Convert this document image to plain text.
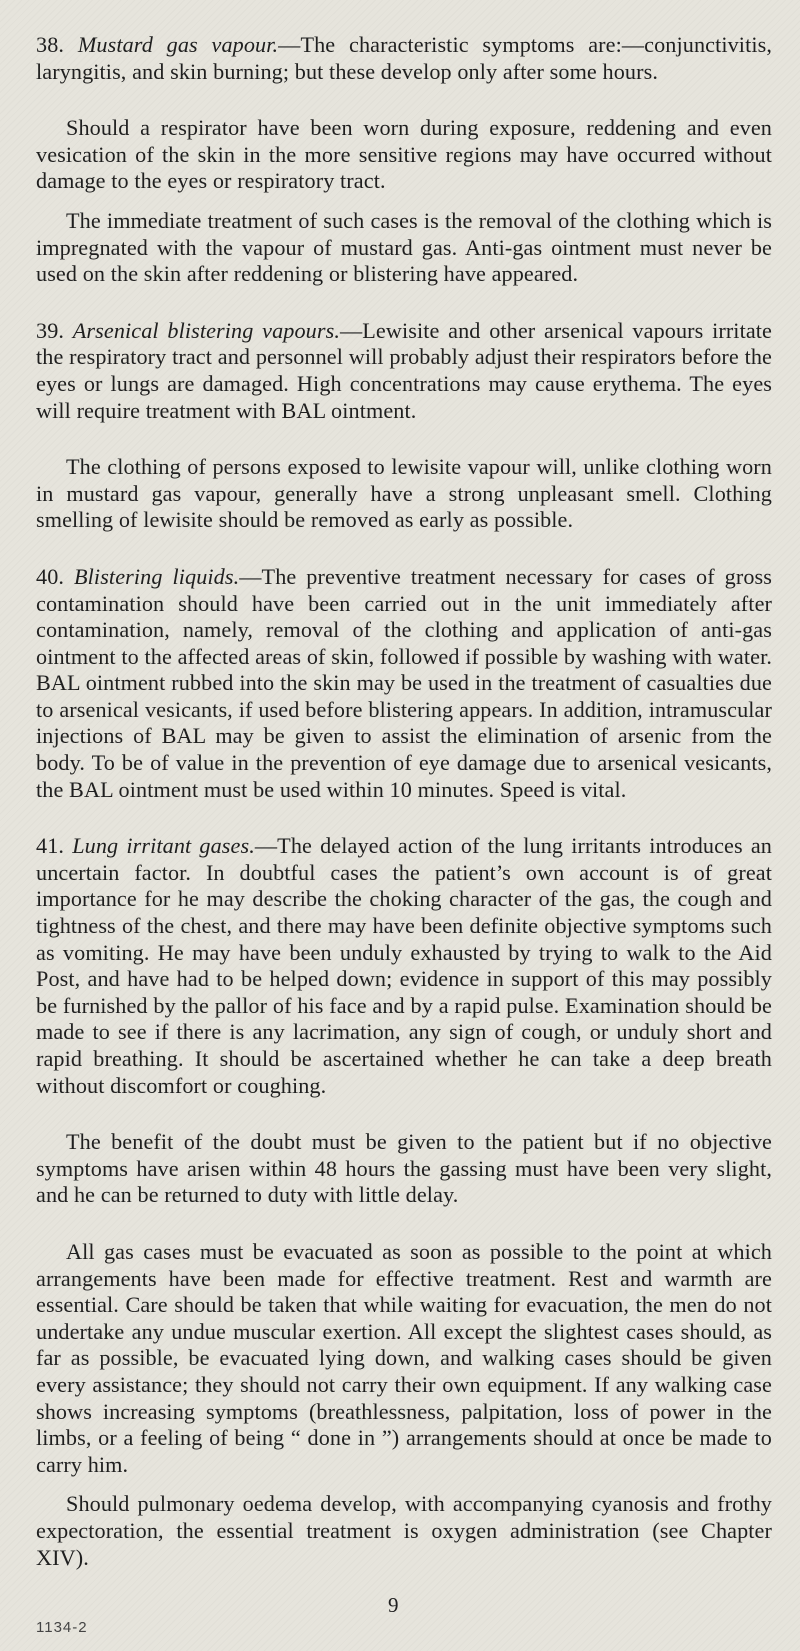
38. Mustard gas vapour.—The characteristic symptoms are:—conjunctivitis, laryngitis, and skin burning; but these develop only after some hours.

Should a respirator have been worn during exposure, reddening and even vesication of the skin in the more sensitive regions may have occurred without damage to the eyes or respiratory tract.

The immediate treatment of such cases is the removal of the clothing which is impregnated with the vapour of mustard gas. Anti-gas ointment must never be used on the skin after reddening or blistering have appeared.

39. Arsenical blistering vapours.—Lewisite and other arsenical vapours irritate the respiratory tract and personnel will probably adjust their respirators before the eyes or lungs are damaged. High concentrations may cause erythema. The eyes will require treatment with BAL ointment.

The clothing of persons exposed to lewisite vapour will, unlike clothing worn in mustard gas vapour, generally have a strong unpleasant smell. Clothing smelling of lewisite should be removed as early as possible.

40. Blistering liquids.—The preventive treatment necessary for cases of gross contamination should have been carried out in the unit immediately after contamination, namely, removal of the clothing and application of anti-gas ointment to the affected areas of skin, followed if possible by washing with water. BAL ointment rubbed into the skin may be used in the treatment of casualties due to arsenical vesicants, if used before blistering appears. In addition, intramuscular injections of BAL may be given to assist the elimination of arsenic from the body. To be of value in the prevention of eye damage due to arsenical vesicants, the BAL ointment must be used within 10 minutes. Speed is vital.

41. Lung irritant gases.—The delayed action of the lung irritants introduces an uncertain factor. In doubtful cases the patient’s own account is of great importance for he may describe the choking character of the gas, the cough and tightness of the chest, and there may have been definite objective symptoms such as vomiting. He may have been unduly exhausted by trying to walk to the Aid Post, and have had to be helped down; evidence in support of this may possibly be furnished by the pallor of his face and by a rapid pulse. Examination should be made to see if there is any lacrimation, any sign of cough, or unduly short and rapid breathing. It should be ascertained whether he can take a deep breath without discomfort or coughing.

The benefit of the doubt must be given to the patient but if no objective symptoms have arisen within 48 hours the gassing must have been very slight, and he can be returned to duty with little delay.

All gas cases must be evacuated as soon as possible to the point at which arrangements have been made for effective treatment. Rest and warmth are essential. Care should be taken that while waiting for evacuation, the men do not undertake any undue muscular exertion. All except the slightest cases should, as far as possible, be evacuated lying down, and walking cases should be given every assistance; they should not carry their own equipment. If any walking case shows increasing symptoms (breathlessness, palpitation, loss of power in the limbs, or a feeling of being “ done in ”) arrangements should at once be made to carry him.

Should pulmonary oedema develop, with accompanying cyanosis and frothy expectoration, the essential treatment is oxygen administration (see Chapter XIV).

9
1134-2
